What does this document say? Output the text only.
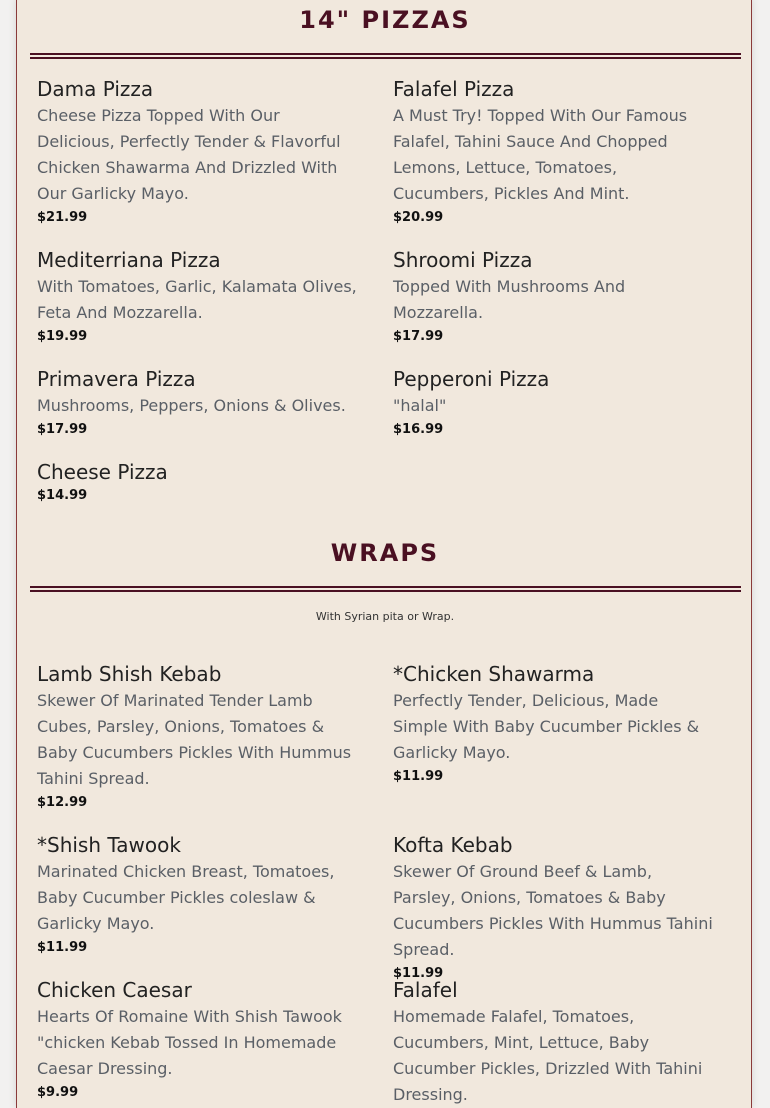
14" PIZZAS
Dama Pizza
Cheese Pizza Topped With Our Delicious, Perfectly Tender & Flavorful Chicken Shawarma And Drizzled With Our Garlicky Mayo.
$21.99
Falafel Pizza
A Must Try! Topped With Our Famous Falafel, Tahini Sauce And Chopped Lemons, Lettuce, Tomatoes, Cucumbers, Pickles And Mint.
$20.99
Mediterriana Pizza
With Tomatoes, Garlic, Kalamata Olives, Feta And Mozzarella.
$19.99
Shroomi Pizza
Topped With Mushrooms And Mozzarella.
$17.99
Primavera Pizza
Mushrooms, Peppers, Onions & Olives.
$17.99
Pepperoni Pizza
"halal"
$16.99
Cheese Pizza
$14.99
WRAPS
With Syrian pita or Wrap.
Lamb Shish Kebab
Skewer Of Marinated Tender Lamb Cubes, Parsley, Onions, Tomatoes & Baby Cucumbers Pickles With Hummus Tahini Spread.
$12.99
*Chicken Shawarma
Perfectly Tender, Delicious, Made Simple With Baby Cucumber Pickles & Garlicky Mayo.
$11.99
*Shish Tawook
Marinated Chicken Breast, Tomatoes, Baby Cucumber Pickles coleslaw & Garlicky Mayo.
$11.99
Kofta Kebab
Skewer Of Ground Beef & Lamb, Parsley, Onions, Tomatoes & Baby Cucumbers Pickles With Hummus Tahini Spread.
$11.99
Chicken Caesar
Hearts Of Romaine With Shish Tawook "chicken Kebab Tossed In Homemade Caesar Dressing.
$9.99
Falafel
Homemade Falafel, Tomatoes, Cucumbers, Mint, Lettuce, Baby Cucumber Pickles, Drizzled With Tahini Dressing.
